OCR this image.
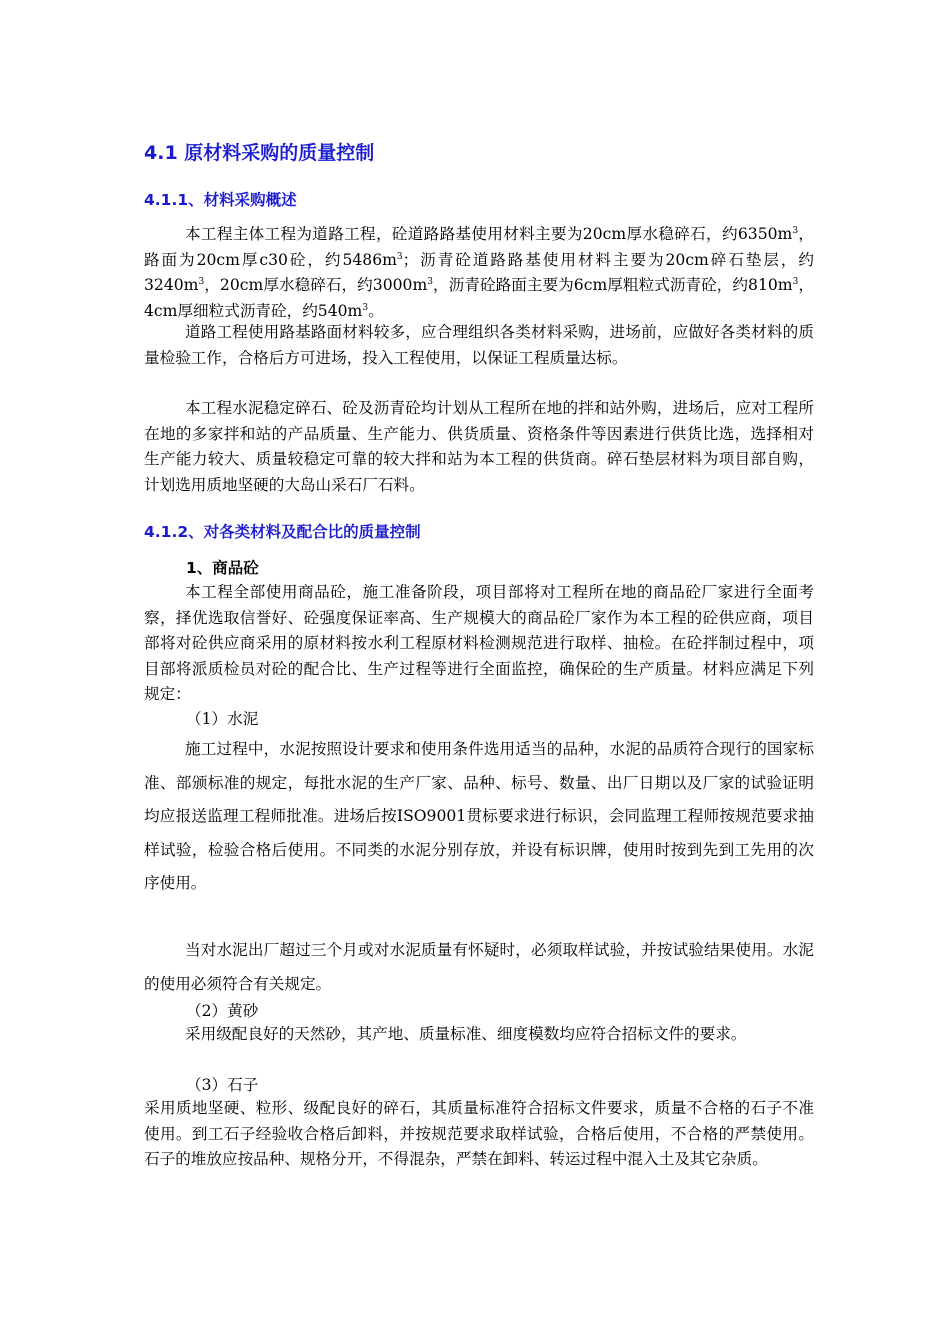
4.1 原材料采购的质量控制
4.1.1、材料采购概述

本工程主体工程为道路工程，砼道路路基使用材料主要为20cm厚水稳碎石，约$6350m^3$，路面为20cm厚c30砼，约$5486m^3$；沥青砼道路路基使用材料主要为20cm碎石垫层，约$3240m^3$，20cm厚水稳碎石，约$3000m^3$，沥青砼路面主要为6cm厚粗粒式沥青砼，约$810m^3$，4cm厚细粒式沥青砼，约$540m^3$。

道路工程使用路基路面材料较多，应合理组织各类材料采购，进场前，应做好各类材料的质量检验工作，合格后方可进场，投入工程使用，以保证工程质量达标。

本工程水泥稳定碎石、砼及沥青砼均计划从工程所在地的拌和站外购，进场后，应对工程所在地的多家拌和站的产品质量、生产能力、供货质量、资格条件等因素进行供货比选，选择相对生产能力较大、质量较稳定可靠的较大拌和站为本工程的供货商。碎石垫层材料为项目部自购，计划选用质地坚硬的大岛山采石厂石料。

4.1.2、对各类材料及配合比的质量控制
1、商品砼

本工程全部使用商品砼，施工准备阶段，项目部将对工程所在地的商品砼厂家进行全面考察，择优选取信誉好、砼强度保证率高、生产规模大的商品砼厂家作为本工程的砼供应商，项目部将对砼供应商采用的原材料按水利工程原材料检测规范进行取样、抽检。在砼拌制过程中，项目部将派质检员对砼的配合比、生产过程等进行全面监控，确保砼的生产质量。材料应满足下列规定：

（1）水泥

施工过程中，水泥按照设计要求和使用条件选用适当的品种，水泥的品质符合现行的国家标准、部颁标准的规定，每批水泥的生产厂家、品种、标号、数量、出厂日期以及厂家的试验证明均应报送监理工程师批准。进场后按ISO9001贯标要求进行标识，会同监理工程师按规范要求抽样试验，检验合格后使用。不同类的水泥分别存放，并设有标识牌，使用时按到先到工先用的次序使用。

当对水泥出厂超过三个月或对水泥质量有怀疑时，必须取样试验，并按试验结果使用。水泥的使用必须符合有关规定。

（2）黄砂

采用级配良好的天然砂，其产地、质量标准、细度模数均应符合招标文件的要求。

（3）石子

采用质地坚硬、粒形、级配良好的碎石，其质量标准符合招标文件要求，质量不合格的石子不准使用。到工石子经验收合格后卸料，并按规范要求取样试验，合格后使用，不合格的严禁使用。石子的堆放应按品种、规格分开，不得混杂，严禁在卸料、转运过程中混入土及其它杂质。
